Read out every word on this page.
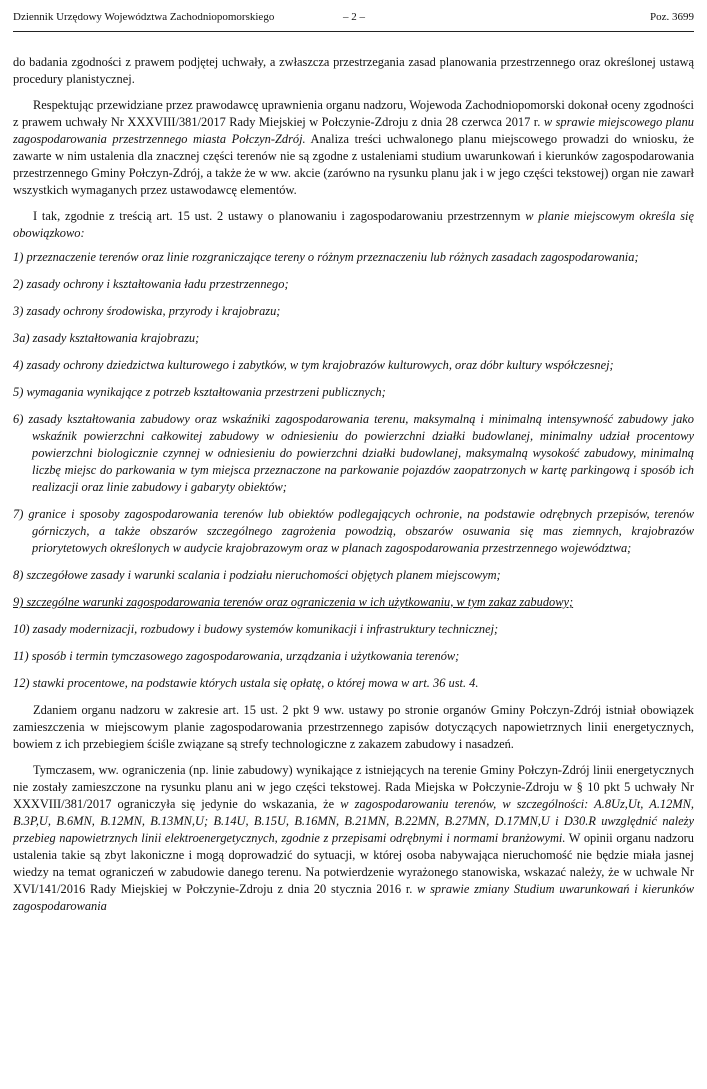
Dziennik Urzędowy Województwa Zachodniopomorskiego	– 2 –	Poz. 3699

do badania zgodności z prawem podjętej uchwały, a zwłaszcza przestrzegania zasad planowania przestrzennego oraz określonej ustawą procedury planistycznej.

Respektując przewidziane przez prawodawcę uprawnienia organu nadzoru, Wojewoda Zachodniopomorski dokonał oceny zgodności z prawem uchwały Nr XXXVIII/381/2017 Rady Miejskiej w Połczynie-Zdroju z dnia 28 czerwca 2017 r. w sprawie miejscowego planu zagospodarowania przestrzennego miasta Połczyn-Zdrój. Analiza treści uchwalonego planu miejscowego prowadzi do wniosku, że zawarte w nim ustalenia dla znacznej części terenów nie są zgodne z ustaleniami studium uwarunkowań i kierunków zagospodarowania przestrzennego Gminy Połczyn-Zdrój, a także że w ww. akcie (zarówno na rysunku planu jak i w jego części tekstowej) organ nie zawarł wszystkich wymaganych przez ustawodawcę elementów.

I tak, zgodnie z treścią art. 15 ust. 2 ustawy o planowaniu i zagospodarowaniu przestrzennym w planie miejscowym określa się obowiązkowo:

1) przeznaczenie terenów oraz linie rozgraniczające tereny o różnym przeznaczeniu lub różnych zasadach zagospodarowania;
2) zasady ochrony i kształtowania ładu przestrzennego;
3) zasady ochrony środowiska, przyrody i krajobrazu;
3a) zasady kształtowania krajobrazu;
4) zasady ochrony dziedzictwa kulturowego i zabytków, w tym krajobrazów kulturowych, oraz dóbr kultury współczesnej;
5) wymagania wynikające z potrzeb kształtowania przestrzeni publicznych;
6) zasady kształtowania zabudowy oraz wskaźniki zagospodarowania terenu, maksymalną i minimalną intensywność zabudowy jako wskaźnik powierzchni całkowitej zabudowy w odniesieniu do powierzchni działki budowlanej, minimalny udział procentowy powierzchni biologicznie czynnej w odniesieniu do powierzchni działki budowlanej, maksymalną wysokość zabudowy, minimalną liczbę miejsc do parkowania w tym miejsca przeznaczone na parkowanie pojazdów zaopatrzonych w kartę parkingową i sposób ich realizacji oraz linie zabudowy i gabaryty obiektów;
7) granice i sposoby zagospodarowania terenów lub obiektów podlegających ochronie, na podstawie odrębnych przepisów, terenów górniczych, a także obszarów szczególnego zagrożenia powodzią, obszarów osuwania się mas ziemnych, krajobrazów priorytetowych określonych w audycie krajobrazowym oraz w planach zagospodarowania przestrzennego województwa;
8) szczegółowe zasady i warunki scalania i podziału nieruchomości objętych planem miejscowym;
9) szczególne warunki zagospodarowania terenów oraz ograniczenia w ich użytkowaniu, w tym zakaz zabudowy;
10) zasady modernizacji, rozbudowy i budowy systemów komunikacji i infrastruktury technicznej;
11) sposób i termin tymczasowego zagospodarowania, urządzania i użytkowania terenów;
12) stawki procentowe, na podstawie których ustala się opłatę, o której mowa w art. 36 ust. 4.

Zdaniem organu nadzoru w zakresie art. 15 ust. 2 pkt 9 ww. ustawy po stronie organów Gminy Połczyn-Zdrój istniał obowiązek zamieszczenia w miejscowym planie zagospodarowania przestrzennego zapisów dotyczących napowietrznych linii energetycznych, bowiem z ich przebiegiem ściśle związane są strefy technologiczne z zakazem zabudowy i nasadzeń.

Tymczasem, ww. ograniczenia (np. linie zabudowy) wynikające z istniejących na terenie Gminy Połczyn-Zdrój linii energetycznych nie zostały zamieszczone na rysunku planu ani w jego części tekstowej. Rada Miejska w Połczynie-Zdroju w § 10 pkt 5 uchwały Nr XXXVIII/381/2017 ograniczyła się jedynie do wskazania, że w zagospodarowaniu terenów, w szczególności: A.8Uz,Ut, A.12MN, B.3P,U, B.6MN, B.12MN, B.13MN,U; B.14U, B.15U, B.16MN, B.21MN, B.22MN, B.27MN, D.17MN,U i D30.R uwzględnić należy przebieg napowietrznych linii elektroenergetycznych, zgodnie z przepisami odrębnymi i normami branżowymi. W opinii organu nadzoru ustalenia takie są zbyt lakoniczne i mogą doprowadzić do sytuacji, w której osoba nabywająca nieruchomość nie będzie miała jasnej wiedzy na temat ograniczeń w zabudowie danego terenu. Na potwierdzenie wyrażonego stanowiska, wskazać należy, że w uchwale Nr XVI/141/2016 Rady Miejskiej w Połczynie-Zdroju z dnia 20 stycznia 2016 r. w sprawie zmiany Studium uwarunkowań i kierunków zagospodarowania
